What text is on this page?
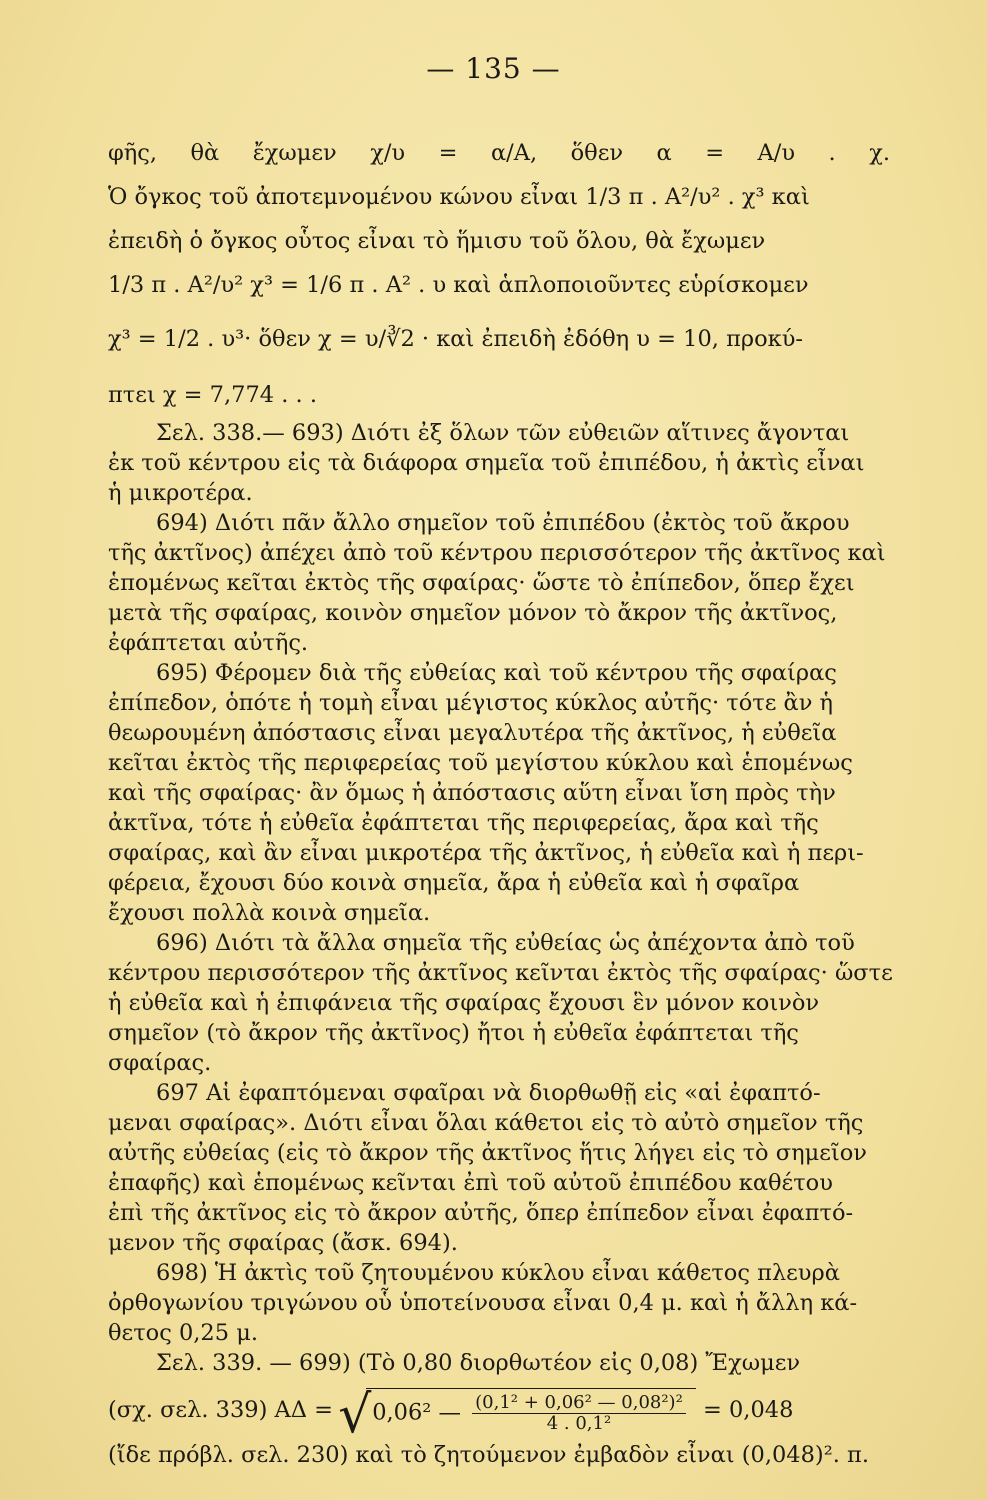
— 135 —
φῆς, θὰ ἔχωμεν χ/υ = α/Α, ὅθεν α = Α/υ . χ.
Ὁ ὄγκος τοῦ ἀποτεμνομένου κώνου εἶναι 1/3 π . Α²/υ² . χ³ καὶ
ἐπειδὴ ὁ ὄγκος οὗτος εἶναι τὸ ἥμισυ τοῦ ὅλου, θὰ ἔχωμεν
1/3 π . Α²/υ² χ³ = 1/6 π . Α² . υ καὶ ἁπλοποιοῦντες εὑρίσκομεν
χ³ = 1/2 . υ³· ὅθεν χ = υ/∛2 · καὶ ἐπειδὴ ἐδόθη υ = 10, προκύ-
πτει χ = 7,774 . . .
Σελ. 338.— 693) Διότι ἐξ ὅλων τῶν εὐθειῶν αἵτινες ἄγονται
ἐκ τοῦ κέντρου εἰς τὰ διάφορα σημεῖα τοῦ ἐπιπέδου, ἡ ἀκτὶς εἶναι
ἡ μικροτέρα.
694) Διότι πᾶν ἄλλο σημεῖον τοῦ ἐπιπέδου (ἐκτὸς τοῦ ἄκρου
τῆς ἀκτῖνος) ἀπέχει ἀπὸ τοῦ κέντρου περισσότερον τῆς ἀκτῖνος καὶ
ἑπομένως κεῖται ἐκτὸς τῆς σφαίρας· ὥστε τὸ ἐπίπεδον, ὅπερ ἔχει
μετὰ τῆς σφαίρας, κοινὸν σημεῖον μόνον τὸ ἄκρον τῆς ἀκτῖνος,
ἐφάπτεται αὐτῆς.
695) Φέρομεν διὰ τῆς εὐθείας καὶ τοῦ κέντρου τῆς σφαίρας
ἐπίπεδον, ὁπότε ἡ τομὴ εἶναι μέγιστος κύκλος αὐτῆς· τότε ἂν ἡ
θεωρουμένη ἀπόστασις εἶναι μεγαλυτέρα τῆς ἀκτῖνος, ἡ εὐθεῖα
κεῖται ἐκτὸς τῆς περιφερείας τοῦ μεγίστου κύκλου καὶ ἑπομένως
καὶ τῆς σφαίρας· ἂν ὅμως ἡ ἀπόστασις αὕτη εἶναι ἴση πρὸς τὴν
ἀκτῖνα, τότε ἡ εὐθεῖα ἐφάπτεται τῆς περιφερείας, ἄρα καὶ τῆς
σφαίρας, καὶ ἂν εἶναι μικροτέρα τῆς ἀκτῖνος, ἡ εὐθεῖα καὶ ἡ περι-
φέρεια, ἔχουσι δύο κοινὰ σημεῖα, ἄρα ἡ εὐθεῖα καὶ ἡ σφαῖρα
ἔχουσι πολλὰ κοινὰ σημεῖα.
696) Διότι τὰ ἄλλα σημεῖα τῆς εὐθείας ὡς ἀπέχοντα ἀπὸ τοῦ
κέντρου περισσότερον τῆς ἀκτῖνος κεῖνται ἐκτὸς τῆς σφαίρας· ὥστε
ἡ εὐθεῖα καὶ ἡ ἐπιφάνεια τῆς σφαίρας ἔχουσι ἓν μόνον κοινὸν
σημεῖον (τὸ ἄκρον τῆς ἀκτῖνος) ἤτοι ἡ εὐθεῖα ἐφάπτεται τῆς
σφαίρας.
697 Αἱ ἐφαπτόμεναι σφαῖραι νὰ διορθωθῇ εἰς «αἱ ἐφαπτό-
μεναι σφαίρας». Διότι εἶναι ὅλαι κάθετοι εἰς τὸ αὐτὸ σημεῖον τῆς
αὐτῆς εὐθείας (εἰς τὸ ἄκρον τῆς ἀκτῖνος ἥτις λήγει εἰς τὸ σημεῖον
ἐπαφῆς) καὶ ἑπομένως κεῖνται ἐπὶ τοῦ αὐτοῦ ἐπιπέδου καθέτου
ἐπὶ τῆς ἀκτῖνος εἰς τὸ ἄκρον αὐτῆς, ὅπερ ἐπίπεδον εἶναι ἐφαπτό-
μενον τῆς σφαίρας (ἄσκ. 694).
698) Ἡ ἀκτὶς τοῦ ζητουμένου κύκλου εἶναι κάθετος πλευρὰ
ὀρθογωνίου τριγώνου οὗ ὑποτείνουσα εἶναι 0,4 μ. καὶ ἡ ἄλλη κά-
θετος 0,25 μ.
Σελ. 339. — 699) (Τὸ 0,80 διορθωτέον εἰς 0,08) Ἔχωμεν
(σχ. σελ. 339) ΑΔ = √ 0,06² — $\frac{\text{(0,1² + 0,06² — 0,08²)²}}{\text{4 . 0,1²}} = 0,048$
(ἴδε πρόβλ. σελ. 230) καὶ τὸ ζητούμενον ἐμβαδὸν εἶναι (0,048)². π.
